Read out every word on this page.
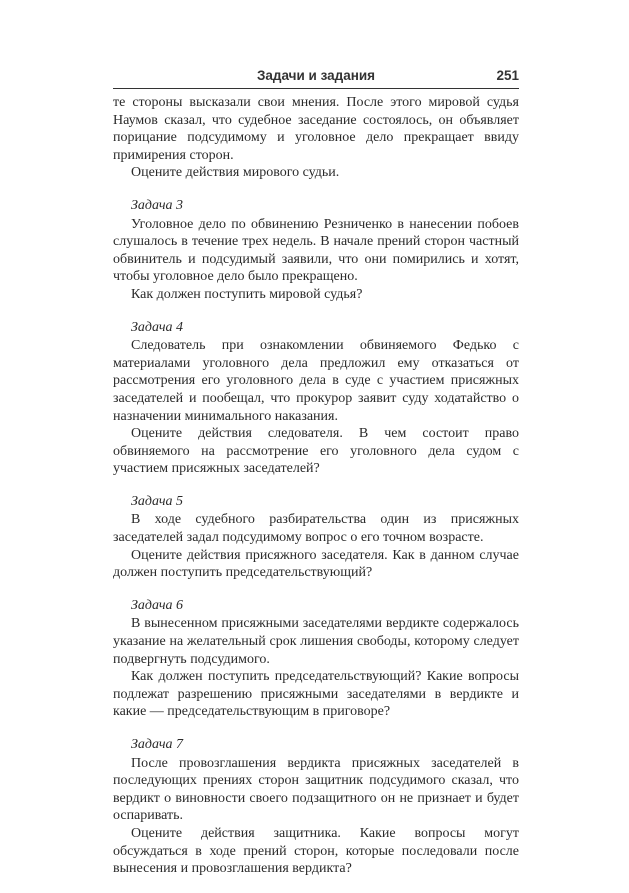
Задачи и задания	251

те стороны высказали свои мнения. После этого мировой судья Наумов сказал, что судебное заседание состоялось, он объявляет порицание подсудимому и уголовное дело прекращает ввиду примирения сторон.

Оцените действия мирового судьи.

Задача 3

Уголовное дело по обвинению Резниченко в нанесении побоев слушалось в течение трех недель. В начале прений сторон частный обвинитель и подсудимый заявили, что они помирились и хотят, чтобы уголовное дело было прекращено.

Как должен поступить мировой судья?

Задача 4

Следователь при ознакомлении обвиняемого Федько с материалами уголовного дела предложил ему отказаться от рассмотрения его уголовного дела в суде с участием присяжных заседателей и пообещал, что прокурор заявит суду ходатайство о назначении минимального наказания.

Оцените действия следователя. В чем состоит право обвиняемого на рассмотрение его уголовного дела судом с участием присяжных заседателей?

Задача 5

В ходе судебного разбирательства один из присяжных заседателей задал подсудимому вопрос о его точном возрасте.

Оцените действия присяжного заседателя. Как в данном случае должен поступить председательствующий?

Задача 6

В вынесенном присяжными заседателями вердикте содержалось указание на желательный срок лишения свободы, которому следует подвергнуть подсудимого.

Как должен поступить председательствующий? Какие вопросы подлежат разрешению присяжными заседателями в вердикте и какие — председательствующим в приговоре?

Задача 7

После провозглашения вердикта присяжных заседателей в последующих прениях сторон защитник подсудимого сказал, что вердикт о виновности своего подзащитного он не признает и будет оспаривать.

Оцените действия защитника. Какие вопросы могут обсуждаться в ходе прений сторон, которые последовали после вынесения и провозглашения вердикта?
